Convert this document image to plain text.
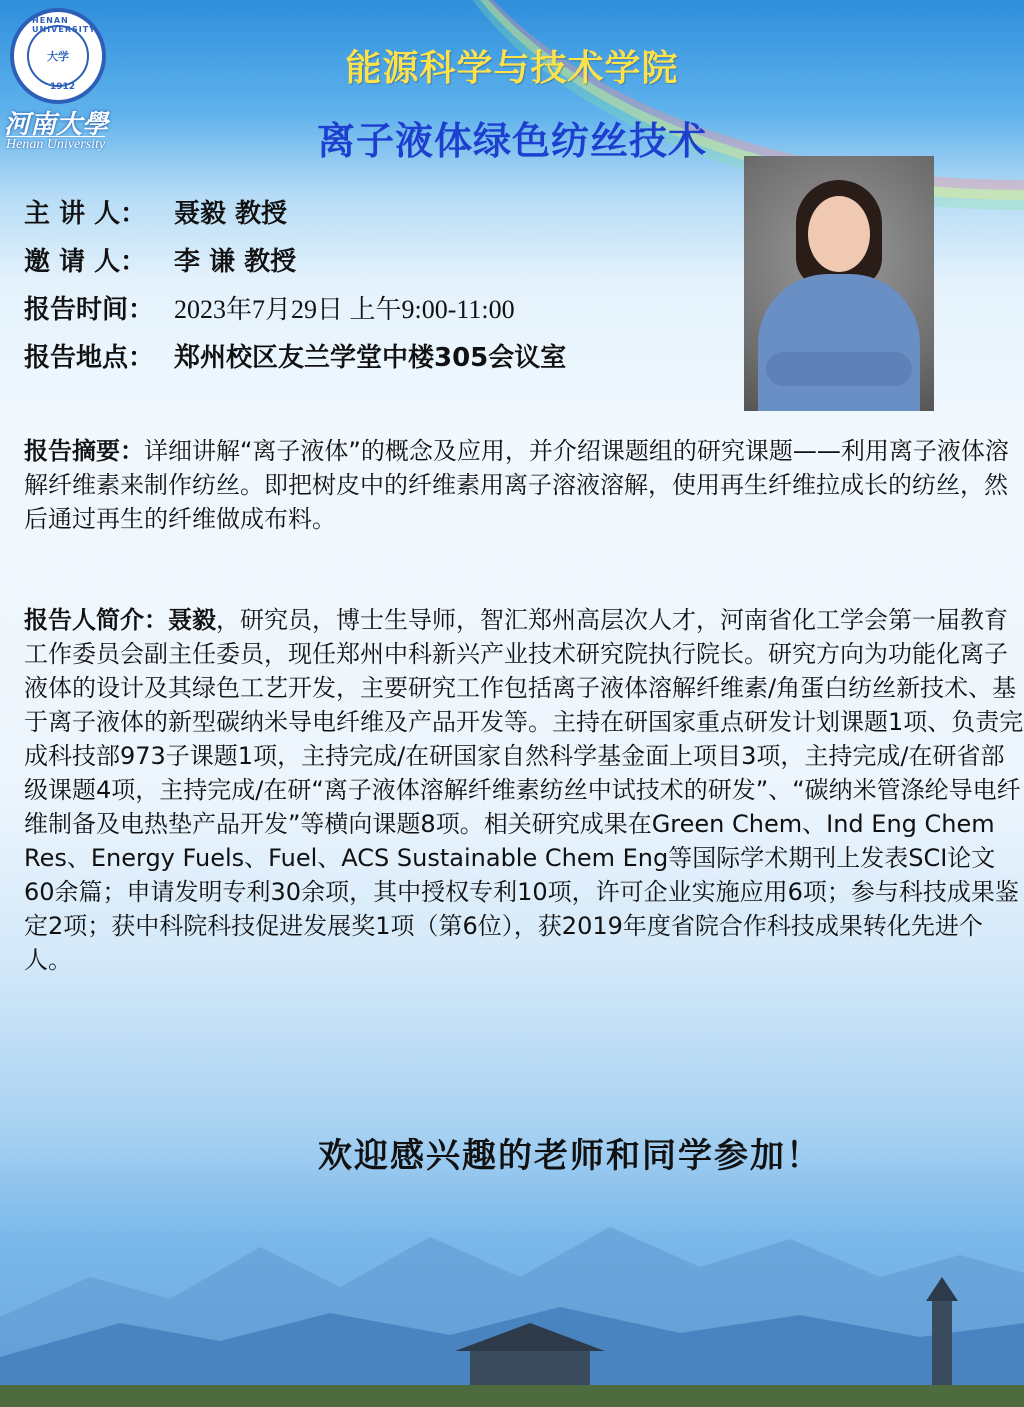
HENAN UNIVERSITY
大学
1912
河南大學
Henan University
能源科学与技术学院
离子液体绿色纺丝技术
主 讲 人： 聂毅 教授
邀 请 人： 李 谦 教授
报告时间： 2023年7月29日 上午9:00-11:00
报告地点： 郑州校区友兰学堂中楼305会议室
报告摘要：详细讲解“离子液体”的概念及应用，并介绍课题组的研究课题——利用离子液体溶解纤维素来制作纺丝。即把树皮中的纤维素用离子溶液溶解，使用再生纤维拉成长的纺丝，然后通过再生的纤维做成布料。
报告人简介：聂毅，研究员，博士生导师，智汇郑州高层次人才，河南省化工学会第一届教育工作委员会副主任委员，现任郑州中科新兴产业技术研究院执行院长。研究方向为功能化离子液体的设计及其绿色工艺开发，主要研究工作包括离子液体溶解纤维素/角蛋白纺丝新技术、基于离子液体的新型碳纳米导电纤维及产品开发等。主持在研国家重点研发计划课题1项、负责完成科技部973子课题1项，主持完成/在研国家自然科学基金面上项目3项，主持完成/在研省部级课题4项，主持完成/在研“离子液体溶解纤维素纺丝中试技术的研发”、“碳纳米管涤纶导电纤维制备及电热垫产品开发”等横向课题8项。相关研究成果在Green Chem、Ind Eng Chem Res、Energy Fuels、Fuel、ACS Sustainable Chem Eng等国际学术期刊上发表SCI论文60余篇；申请发明专利30余项，其中授权专利10项，许可企业实施应用6项；参与科技成果鉴定2项；获中科院科技促进发展奖1项（第6位），获2019年度省院合作科技成果转化先进个人。
欢迎感兴趣的老师和同学参加！
